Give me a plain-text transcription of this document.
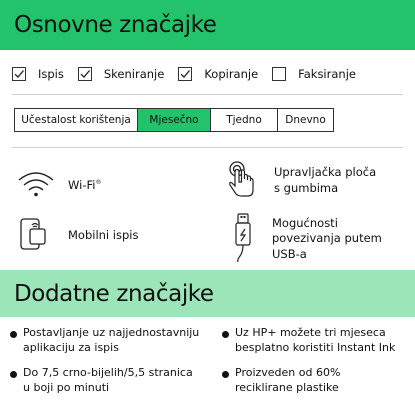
Osnovne značajke
Ispis	Skeniranje	Kopiranje	Faksiranje
Učestalost korištenja	Mjesečno	Tjedno	Dnevno
Wi-Fi®
Upravljačka ploča
s gumbima
Mobilni ispis
Mogućnosti
povezivanja putem
USB-a
Dodatne značajke
Postavljanje uz najjednostavniju
aplikaciju za ispis
Uz HP+ možete tri mjeseca
besplatno koristiti Instant Ink
Do 7,5 crno-bijelih/5,5 stranica
u boji po minuti
Proizveden od 60%
reciklirane plastike
